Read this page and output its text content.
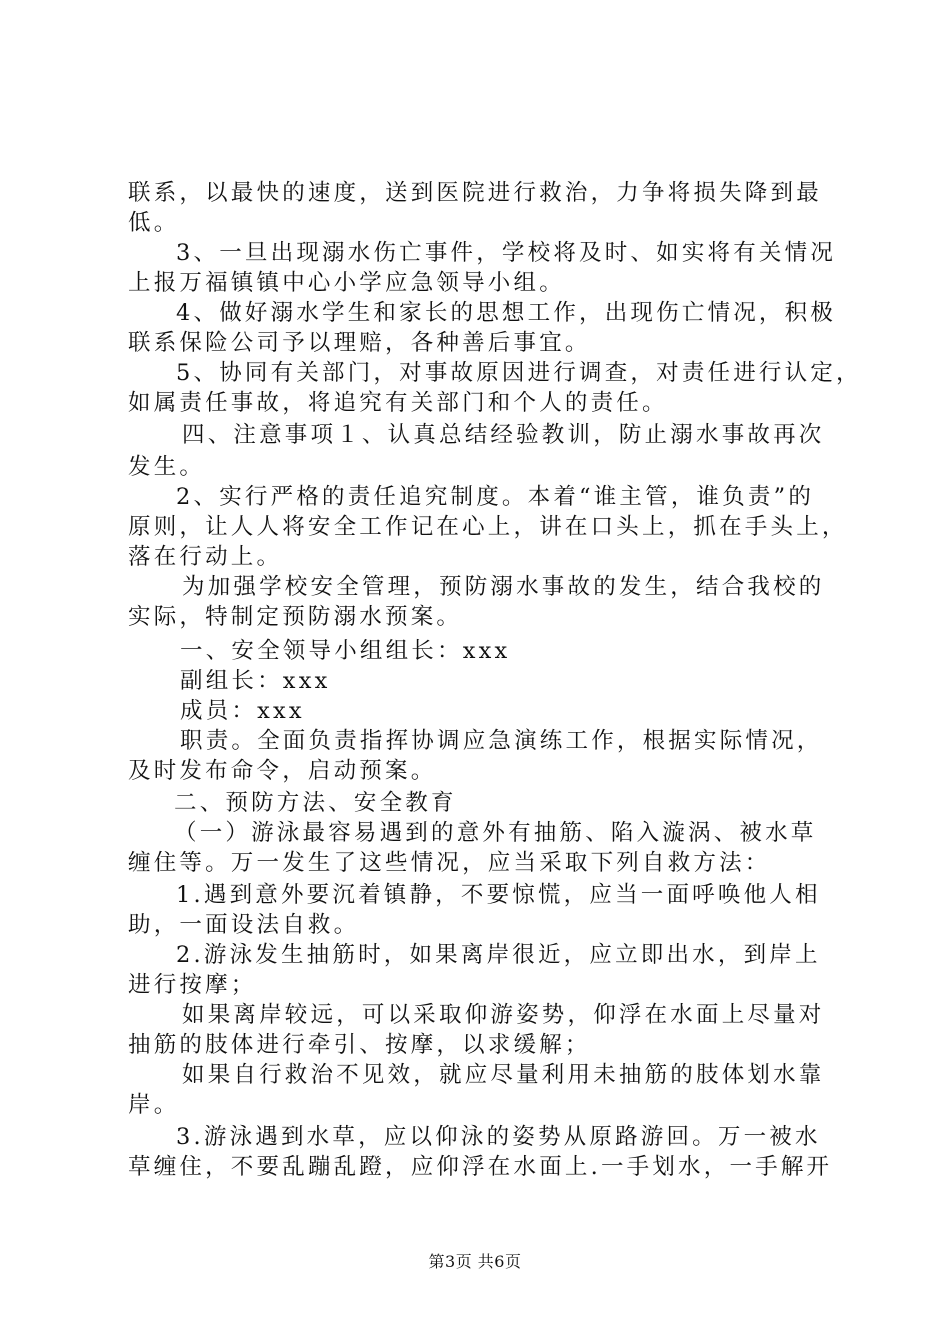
联系，以最快的速度，送到医院进行救治，力争将损失降到最
低。
3、一旦出现溺水伤亡事件，学校将及时、如实将有关情况
上报万福镇镇中心小学应急领导小组。
4、做好溺水学生和家长的思想工作，出现伤亡情况，积极
联系保险公司予以理赔，各种善后事宜。
5、协同有关部门，对事故原因进行调查，对责任进行认定，
如属责任事故，将追究有关部门和个人的责任。
四、注意事项１、认真总结经验教训，防止溺水事故再次
发生。
2、实行严格的责任追究制度。本着“谁主管，谁负责”的
原则，让人人将安全工作记在心上，讲在口头上，抓在手头上，
落在行动上。
为加强学校安全管理，预防溺水事故的发生，结合我校的
实际，特制定预防溺水预案。
一、安全领导小组组长：xxx
副组长：xxx
成员：xxx
职责。全面负责指挥协调应急演练工作，根据实际情况，
及时发布命令，启动预案。
二、预防方法、安全教育
（一）游泳最容易遇到的意外有抽筋、陷入漩涡、被水草
缠住等。万一发生了这些情况，应当采取下列自救方法：
1.遇到意外要沉着镇静，不要惊慌，应当一面呼唤他人相
助，一面设法自救。
2.游泳发生抽筋时，如果离岸很近，应立即出水，到岸上
进行按摩；
如果离岸较远，可以采取仰游姿势，仰浮在水面上尽量对
抽筋的肢体进行牵引、按摩，以求缓解；
如果自行救治不见效，就应尽量利用未抽筋的肢体划水靠
岸。
3.游泳遇到水草，应以仰泳的姿势从原路游回。万一被水
草缠住，不要乱蹦乱蹬，应仰浮在水面上.一手划水，一手解开
第3页 共6页
